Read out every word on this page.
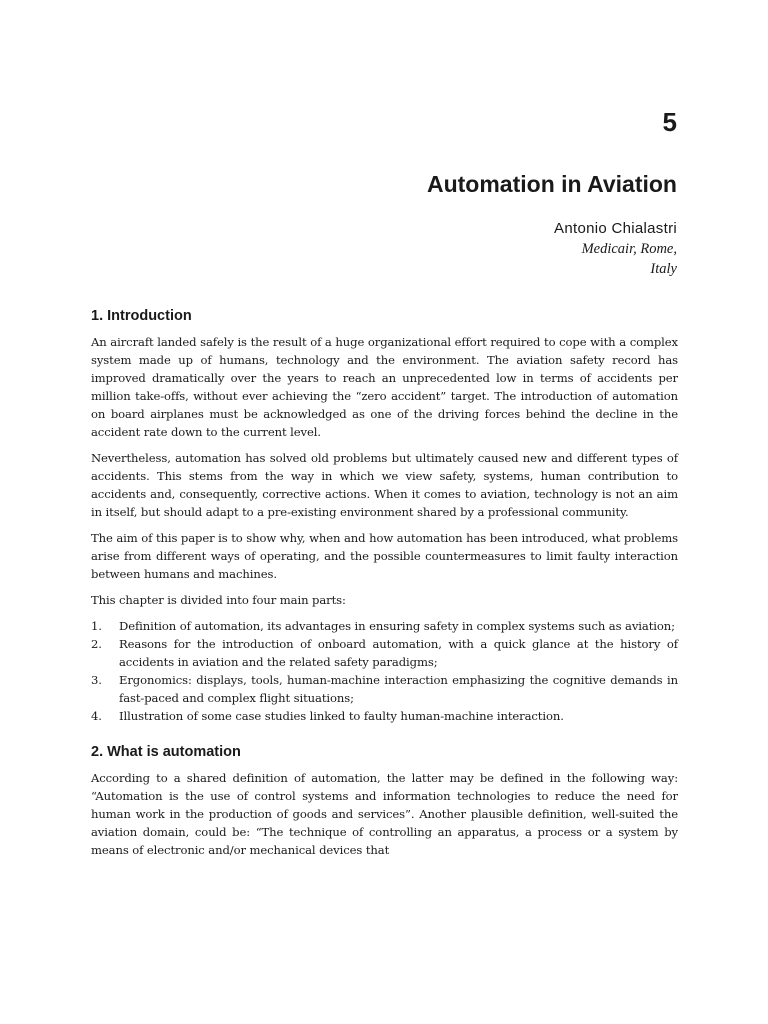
5
Automation in Aviation
Antonio Chialastri
Medicair, Rome,
Italy
1. Introduction

An aircraft landed safely is the result of a huge organizational effort required to cope with a complex system made up of humans, technology and the environment. The aviation safety record has improved dramatically over the years to reach an unprecedented low in terms of accidents per million take-offs, without ever achieving the “zero accident” target. The introduction of automation on board airplanes must be acknowledged as one of the driving forces behind the decline in the accident rate down to the current level.

Nevertheless, automation has solved old problems but ultimately caused new and different types of accidents. This stems from the way in which we view safety, systems, human contribution to accidents and, consequently, corrective actions. When it comes to aviation, technology is not an aim in itself, but should adapt to a pre-existing environment shared by a professional community.

The aim of this paper is to show why, when and how automation has been introduced, what problems arise from different ways of operating, and the possible countermeasures to limit faulty interaction between humans and machines.

This chapter is divided into four main parts:

1. Definition of automation, its advantages in ensuring safety in complex systems such as aviation;
2. Reasons for the introduction of onboard automation, with a quick glance at the history of accidents in aviation and the related safety paradigms;
3. Ergonomics: displays, tools, human-machine interaction emphasizing the cognitive demands in fast-paced and complex flight situations;
4. Illustration of some case studies linked to faulty human-machine interaction.
2. What is automation

According to a shared definition of automation, the latter may be defined in the following way: “Automation is the use of control systems and information technologies to reduce the need for human work in the production of goods and services”. Another plausible definition, well-suited the aviation domain, could be: “The technique of controlling an apparatus, a process or a system by means of electronic and/or mechanical devices that
